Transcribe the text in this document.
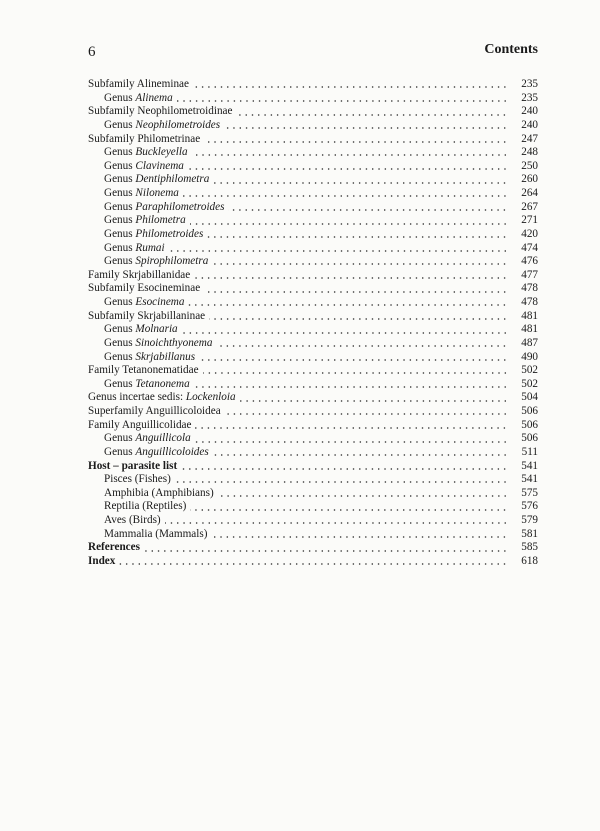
6	Contents
Subfamily Alineminae	235
Genus Alinema	235
Subfamily Neophilometroidinae	240
Genus Neophilometroides	240
Subfamily Philometrinae	247
Genus Buckleyella	248
Genus Clavinema	250
Genus Dentiphilometra	260
Genus Nilonema	264
Genus Paraphilometroides	267
Genus Philometra	271
Genus Philometroides	420
Genus Rumai	474
Genus Spirophilometra	476
Family Skrjabillanidae	477
Subfamily Esocineminae	478
Genus Esocinema	478
Subfamily Skrjabillaninae	481
Genus Molnaria	481
Genus Sinoichthyonema	487
Genus Skrjabillanus	490
Family Tetanonematidae	502
Genus Tetanonema	502
Genus incertae sedis: Lockenloia	504
Superfamily Anguillicoloidea	506
Family Anguillicolidae	506
Genus Anguillicola	506
Genus Anguillicoloides	511
Host – parasite list	541
Pisces (Fishes)	541
Amphibia (Amphibians)	575
Reptilia (Reptiles)	576
Aves (Birds)	579
Mammalia (Mammals)	581
References	585
Index	618
